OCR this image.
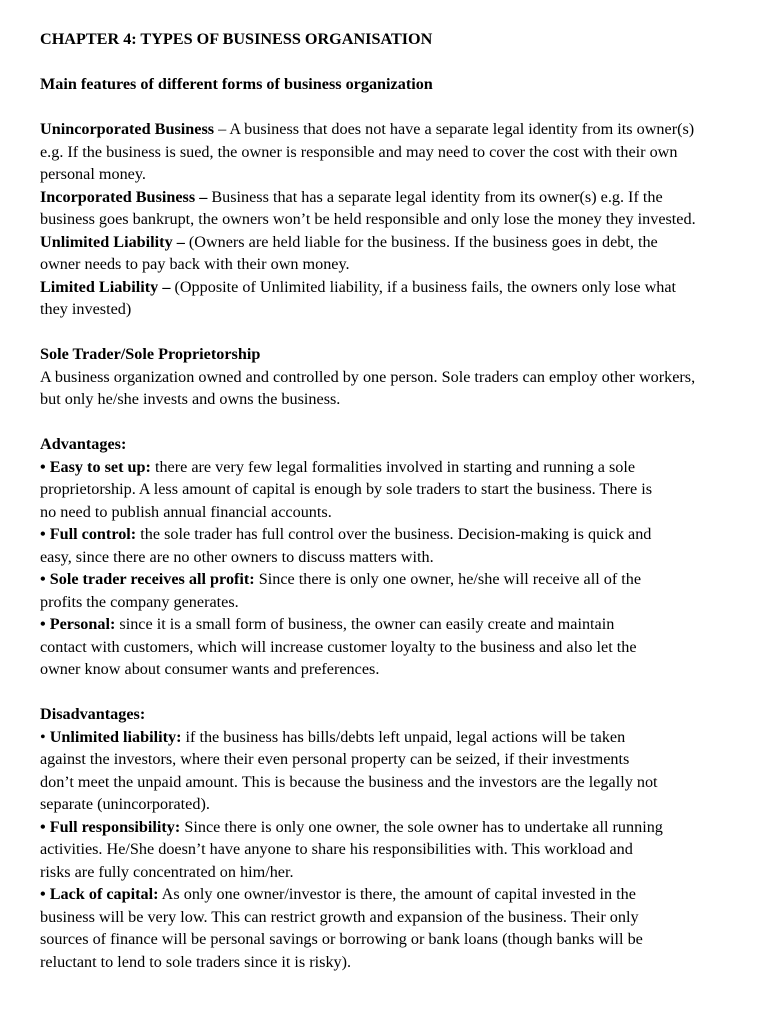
CHAPTER 4: TYPES OF BUSINESS ORGANISATION

Main features of different forms of business organization

Unincorporated Business – A business that does not have a separate legal identity from its owner(s) e.g. If the business is sued, the owner is responsible and may need to cover the cost with their own personal money.

Incorporated Business – Business that has a separate legal identity from its owner(s) e.g. If the business goes bankrupt, the owners won’t be held responsible and only lose the money they invested.

Unlimited Liability – (Owners are held liable for the business. If the business goes in debt, the owner needs to pay back with their own money.

Limited Liability – (Opposite of Unlimited liability, if a business fails, the owners only lose what they invested)

Sole Trader/Sole Proprietorship

A business organization owned and controlled by one person. Sole traders can employ other workers, but only he/she invests and owns the business.

Advantages:

• Easy to set up: there are very few legal formalities involved in starting and running a sole proprietorship. A less amount of capital is enough by sole traders to start the business. There is no need to publish annual financial accounts.

• Full control: the sole trader has full control over the business. Decision-making is quick and easy, since there are no other owners to discuss matters with.

• Sole trader receives all profit: Since there is only one owner, he/she will receive all of the profits the company generates.

• Personal: since it is a small form of business, the owner can easily create and maintain contact with customers, which will increase customer loyalty to the business and also let the owner know about consumer wants and preferences.

Disadvantages:

• Unlimited liability: if the business has bills/debts left unpaid, legal actions will be taken against the investors, where their even personal property can be seized, if their investments don’t meet the unpaid amount. This is because the business and the investors are the legally not separate (unincorporated).

• Full responsibility: Since there is only one owner, the sole owner has to undertake all running activities. He/She doesn’t have anyone to share his responsibilities with. This workload and risks are fully concentrated on him/her.

• Lack of capital: As only one owner/investor is there, the amount of capital invested in the business will be very low. This can restrict growth and expansion of the business. Their only sources of finance will be personal savings or borrowing or bank loans (though banks will be reluctant to lend to sole traders since it is risky).
